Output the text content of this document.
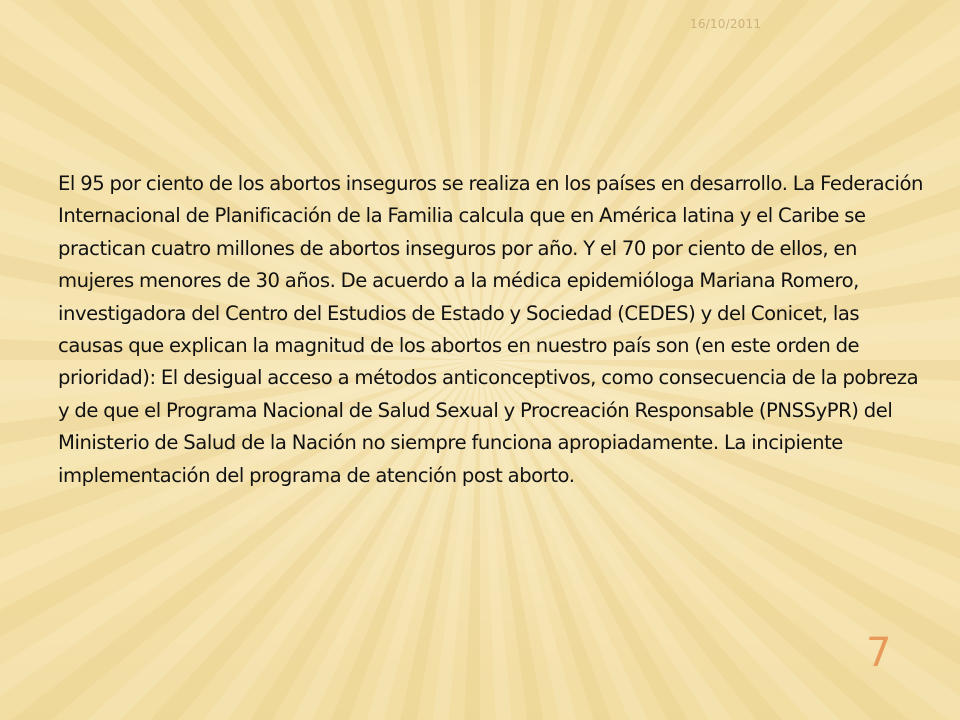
16/10/2011
El 95 por ciento de los abortos inseguros se realiza en los países en desarrollo. La Federación Internacional de Planificación de la Familia calcula que en América latina y el Caribe se practican cuatro millones de abortos inseguros por año. Y el 70 por ciento de ellos, en mujeres menores de 30 años. De acuerdo a la médica epidemióloga Mariana Romero, investigadora del Centro del Estudios de Estado y Sociedad (CEDES) y del Conicet, las causas que explican la magnitud de los abortos en nuestro país son (en este orden de prioridad): El desigual acceso a métodos anticonceptivos, como consecuencia de la pobreza y de que el Programa Nacional de Salud Sexual y Procreación Responsable (PNSSyPR) del Ministerio de Salud de la Nación no siempre funciona apropiadamente. La incipiente implementación del programa de atención post aborto.
7
